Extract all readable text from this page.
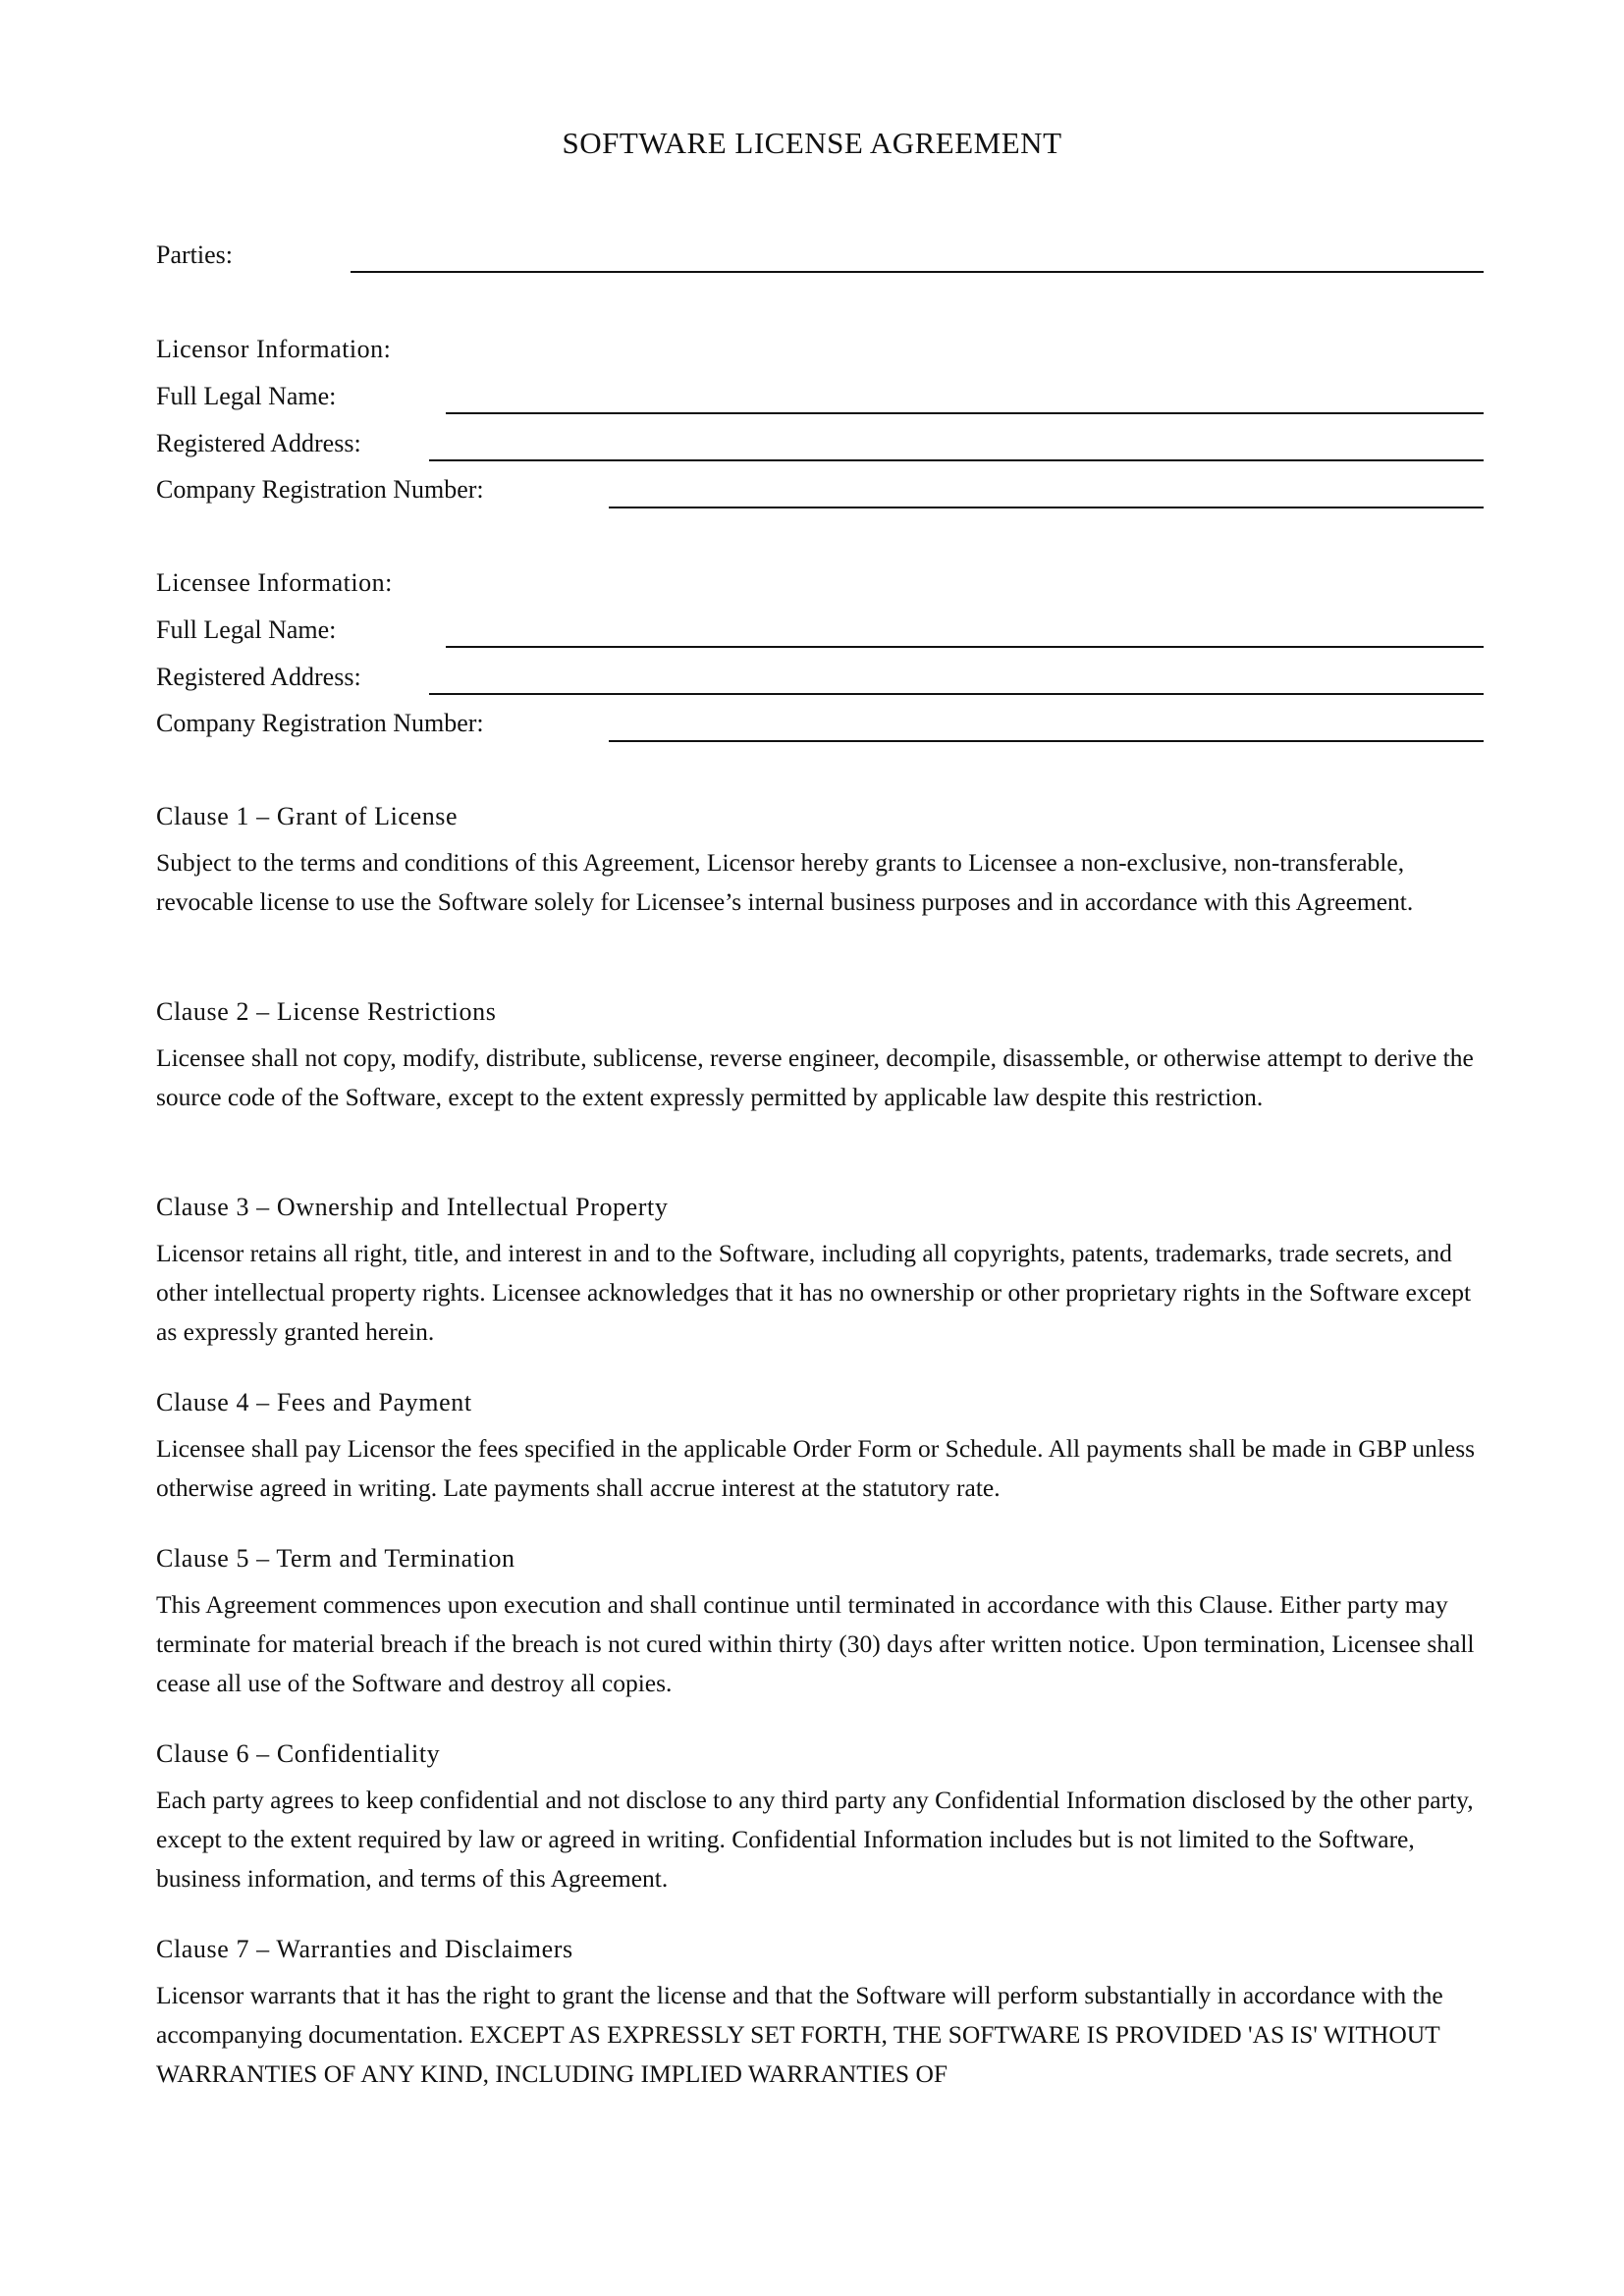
SOFTWARE LICENSE AGREEMENT
Parties:
Licensor Information:
Full Legal Name:
Registered Address:
Company Registration Number:
Licensee Information:
Full Legal Name:
Registered Address:
Company Registration Number:
Clause 1 – Grant of License
Subject to the terms and conditions of this Agreement, Licensor hereby grants to Licensee a non-exclusive, non-transferable, revocable license to use the Software solely for Licensee’s internal business purposes and in accordance with this Agreement.
Clause 2 – License Restrictions
Licensee shall not copy, modify, distribute, sublicense, reverse engineer, decompile, disassemble, or otherwise attempt to derive the source code of the Software, except to the extent expressly permitted by applicable law despite this restriction.
Clause 3 – Ownership and Intellectual Property
Licensor retains all right, title, and interest in and to the Software, including all copyrights, patents, trademarks, trade secrets, and other intellectual property rights. Licensee acknowledges that it has no ownership or other proprietary rights in the Software except as expressly granted herein.
Clause 4 – Fees and Payment
Licensee shall pay Licensor the fees specified in the applicable Order Form or Schedule. All payments shall be made in GBP unless otherwise agreed in writing. Late payments shall accrue interest at the statutory rate.
Clause 5 – Term and Termination
This Agreement commences upon execution and shall continue until terminated in accordance with this Clause. Either party may terminate for material breach if the breach is not cured within thirty (30) days after written notice. Upon termination, Licensee shall cease all use of the Software and destroy all copies.
Clause 6 – Confidentiality
Each party agrees to keep confidential and not disclose to any third party any Confidential Information disclosed by the other party, except to the extent required by law or agreed in writing. Confidential Information includes but is not limited to the Software, business information, and terms of this Agreement.
Clause 7 – Warranties and Disclaimers
Licensor warrants that it has the right to grant the license and that the Software will perform substantially in accordance with the accompanying documentation. EXCEPT AS EXPRESSLY SET FORTH, THE SOFTWARE IS PROVIDED 'AS IS' WITHOUT WARRANTIES OF ANY KIND, INCLUDING IMPLIED WARRANTIES OF
